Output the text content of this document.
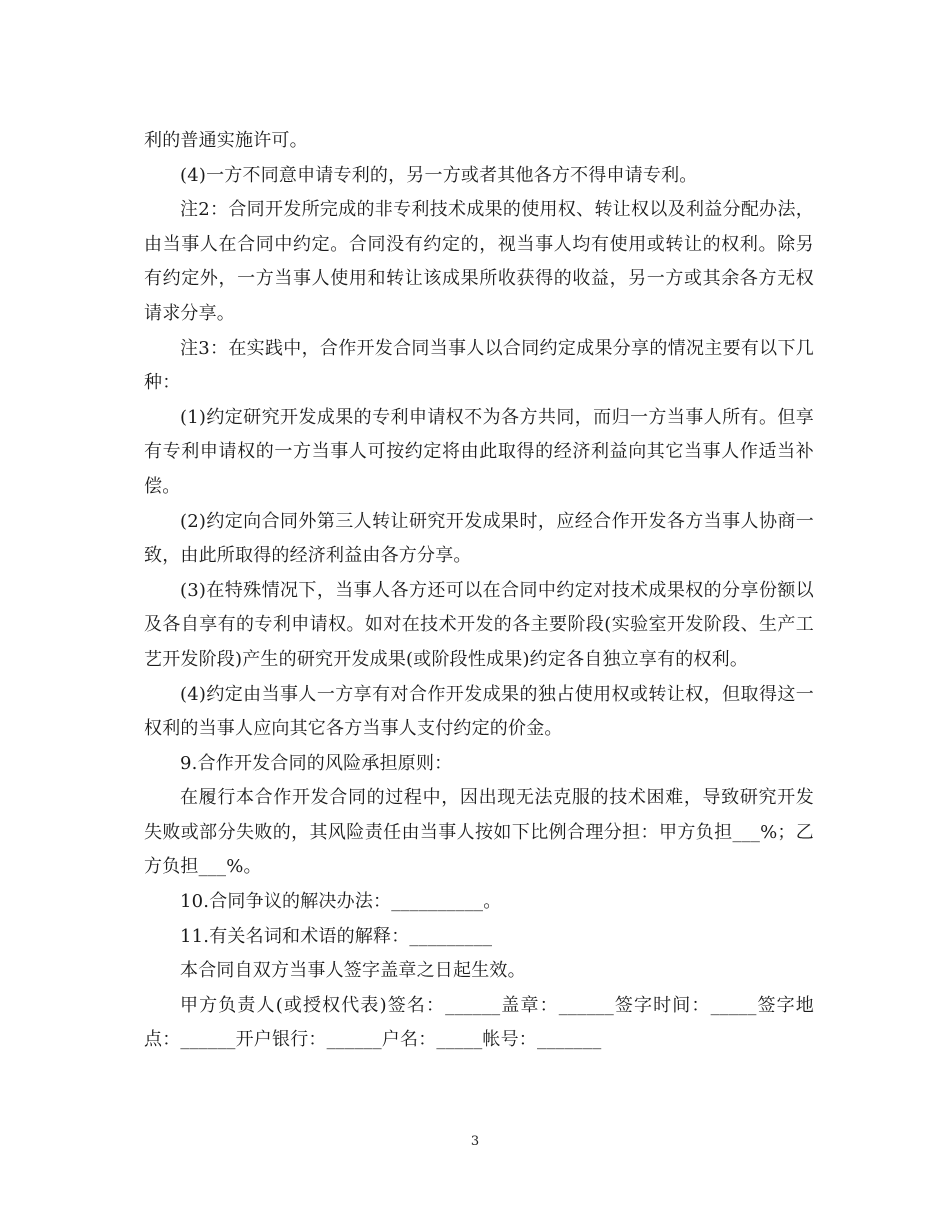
利的普通实施许可。

(4)一方不同意申请专利的，另一方或者其他各方不得申请专利。

注2：合同开发所完成的非专利技术成果的使用权、转让权以及利益分配办法，由当事人在合同中约定。合同没有约定的，视当事人均有使用或转让的权利。除另有约定外，一方当事人使用和转让该成果所收获得的收益，另一方或其余各方无权请求分享。

注3：在实践中，合作开发合同当事人以合同约定成果分享的情况主要有以下几种：

(1)约定研究开发成果的专利申请权不为各方共同，而归一方当事人所有。但享有专利申请权的一方当事人可按约定将由此取得的经济利益向其它当事人作适当补偿。

(2)约定向合同外第三人转让研究开发成果时，应经合作开发各方当事人协商一致，由此所取得的经济利益由各方分享。

(3)在特殊情况下，当事人各方还可以在合同中约定对技术成果权的分享份额以及各自享有的专利申请权。如对在技术开发的各主要阶段(实验室开发阶段、生产工艺开发阶段)产生的研究开发成果(或阶段性成果)约定各自独立享有的权利。

(4)约定由当事人一方享有对合作开发成果的独占使用权或转让权，但取得这一权利的当事人应向其它各方当事人支付约定的价金。

9.合作开发合同的风险承担原则：

在履行本合作开发合同的过程中，因出现无法克服的技术困难，导致研究开发失败或部分失败的，其风险责任由当事人按如下比例合理分担：甲方负担___%；乙方负担___%。

10.合同争议的解决办法：__________。

11.有关名词和术语的解释：_________

本合同自双方当事人签字盖章之日起生效。

甲方负责人(或授权代表)签名：______盖章：______签字时间：_____签字地点：______开户银行：______户名：_____帐号：_______

3
